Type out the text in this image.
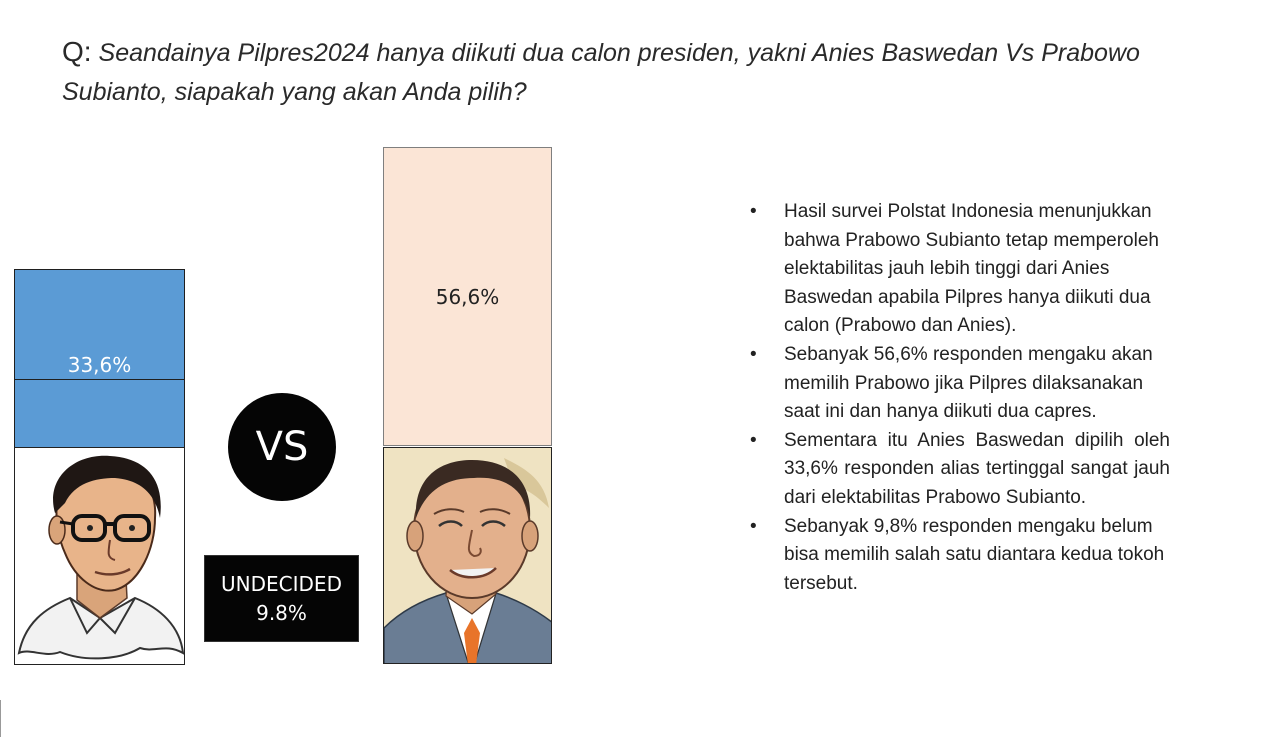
Q: Seandainya Pilpres2024 hanya diikuti dua calon presiden, yakni Anies Baswedan Vs Prabowo Subianto, siapakah yang akan Anda pilih?
33,6%
56,6%
VS
UNDECIDED
9.8%
• Hasil survei Polstat Indonesia menunjukkan bahwa Prabowo Subianto tetap memperoleh elektabilitas jauh lebih tinggi dari Anies Baswedan apabila Pilpres hanya diikuti dua calon (Prabowo dan Anies).
• Sebanyak 56,6% responden mengaku akan memilih Prabowo jika Pilpres dilaksanakan saat ini dan hanya diikuti dua capres.
• Sementara itu Anies Baswedan dipilih oleh 33,6% responden alias tertinggal sangat jauh dari elektabilitas Prabowo Subianto.
• Sebanyak 9,8% responden mengaku belum bisa memilih salah satu diantara kedua tokoh tersebut.
